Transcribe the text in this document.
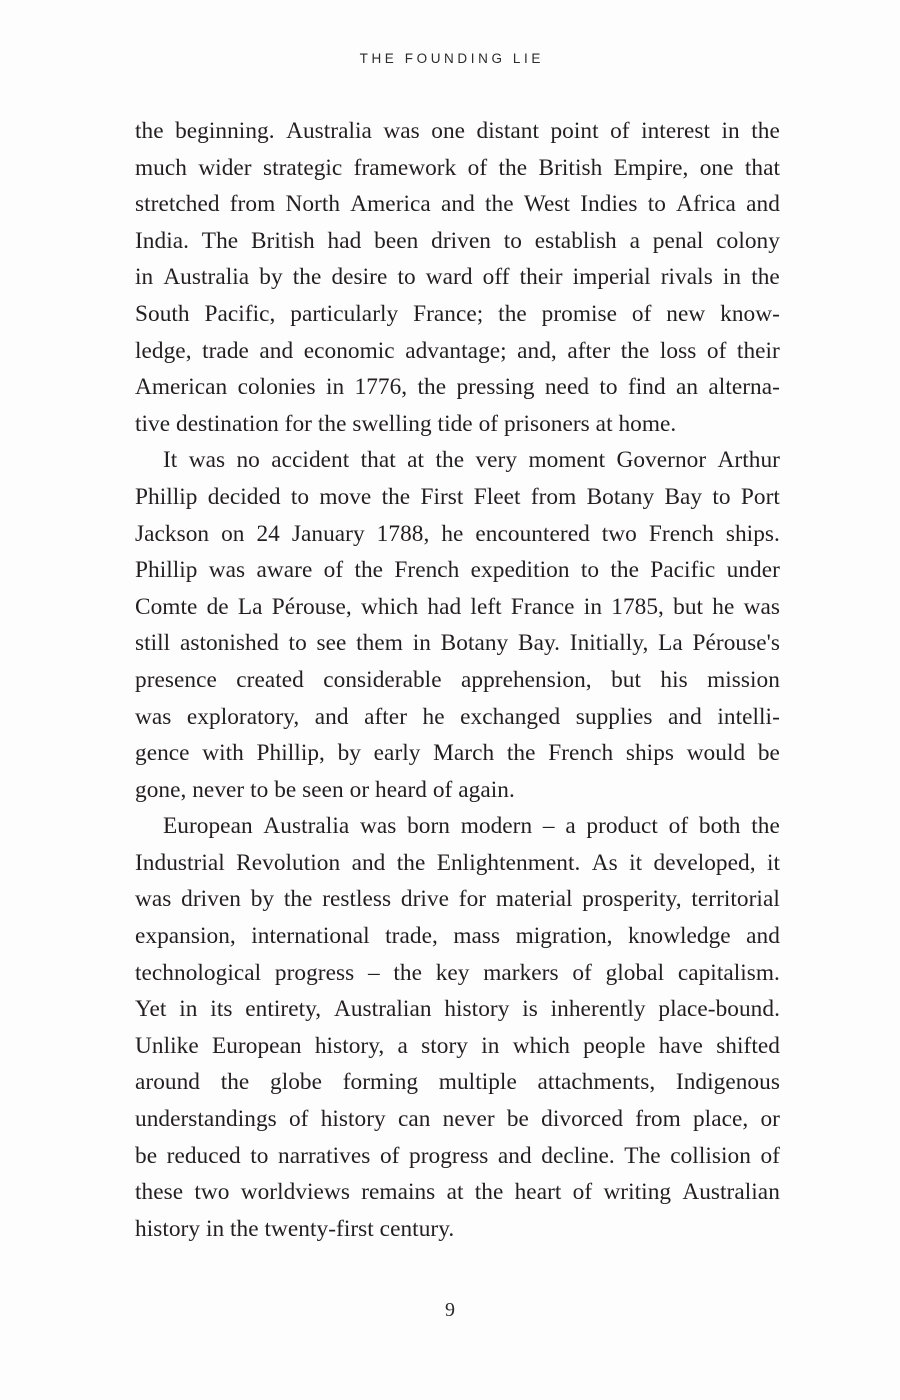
THE FOUNDING LIE

the beginning. Australia was one distant point of interest in the
much wider strategic framework of the British Empire, one that
stretched from North America and the West Indies to Africa and
India. The British had been driven to establish a penal colony
in Australia by the desire to ward off their imperial rivals in the
South Pacific, particularly France; the promise of new know-
ledge, trade and economic advantage; and, after the loss of their
American colonies in 1776, the pressing need to find an alterna-
tive destination for the swelling tide of prisoners at home.

It was no accident that at the very moment Governor Arthur
Phillip decided to move the First Fleet from Botany Bay to Port
Jackson on 24 January 1788, he encountered two French ships.
Phillip was aware of the French expedition to the Pacific under
Comte de La Pérouse, which had left France in 1785, but he was
still astonished to see them in Botany Bay. Initially, La Pérouse's
presence created considerable apprehension, but his mission
was exploratory, and after he exchanged supplies and intelli-
gence with Phillip, by early March the French ships would be
gone, never to be seen or heard of again.

European Australia was born modern – a product of both the
Industrial Revolution and the Enlightenment. As it developed, it
was driven by the restless drive for material prosperity, territorial
expansion, international trade, mass migration, knowledge and
technological progress – the key markers of global capitalism.
Yet in its entirety, Australian history is inherently place-bound.
Unlike European history, a story in which people have shifted
around the globe forming multiple attachments, Indigenous
understandings of history can never be divorced from place, or
be reduced to narratives of progress and decline. The collision of
these two worldviews remains at the heart of writing Australian
history in the twenty-first century.

9
